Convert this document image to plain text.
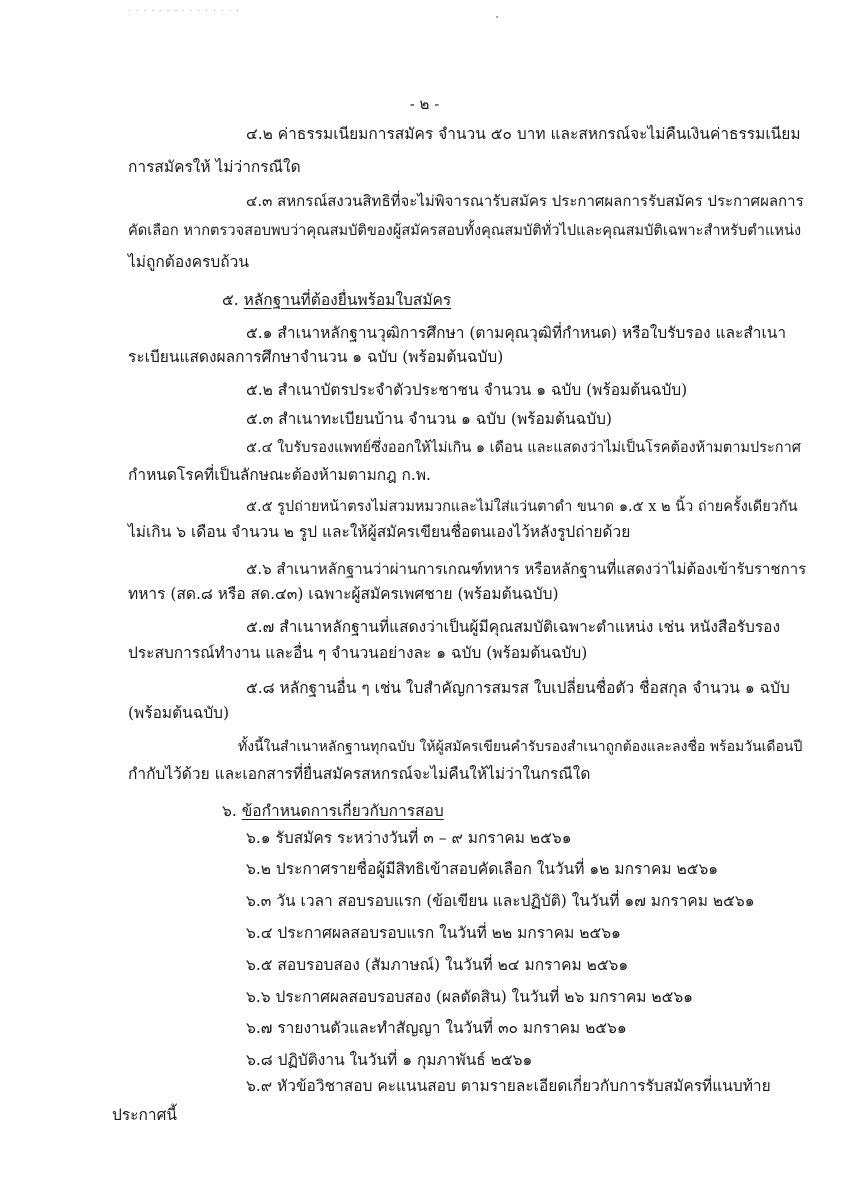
. . . . . . . . . . . . . . .
- ๒ -
๔.๒ ค่าธรรมเนียมการสมัคร จำนวน ๕๐ บาท และสหกรณ์จะไม่คืนเงินค่าธรรมเนียม
การสมัครให้ ไม่ว่ากรณีใด
๔.๓ สหกรณ์สงวนสิทธิที่จะไม่พิจารณารับสมัคร ประกาศผลการรับสมัคร ประกาศผลการ
คัดเลือก หากตรวจสอบพบว่าคุณสมบัติของผู้สมัครสอบทั้งคุณสมบัติทั่วไปและคุณสมบัติเฉพาะสำหรับตำแหน่ง
ไม่ถูกต้องครบถ้วน
๕. หลักฐานที่ต้องยื่นพร้อมใบสมัคร
๕.๑ สำเนาหลักฐานวุฒิการศึกษา (ตามคุณวุฒิที่กำหนด) หรือใบรับรอง และสำเนา
ระเบียนแสดงผลการศึกษาจำนวน ๑ ฉบับ (พร้อมต้นฉบับ)
๕.๒ สำเนาบัตรประจำตัวประชาชน จำนวน ๑ ฉบับ (พร้อมต้นฉบับ)
๕.๓ สำเนาทะเบียนบ้าน จำนวน ๑ ฉบับ (พร้อมต้นฉบับ)
๕.๔ ใบรับรองแพทย์ซึ่งออกให้ไม่เกิน ๑ เดือน และแสดงว่าไม่เป็นโรคต้องห้ามตามประกาศ
กำหนดโรคที่เป็นลักษณะต้องห้ามตามกฎ ก.พ.
๕.๕ รูปถ่ายหน้าตรงไม่สวมหมวกและไม่ใส่แว่นตาดำ ขนาด ๑.๕ x ๒ นิ้ว ถ่ายครั้งเดียวกัน
ไม่เกิน ๖ เดือน จำนวน ๒ รูป และให้ผู้สมัครเขียนชื่อตนเองไว้หลังรูปถ่ายด้วย
๕.๖ สำเนาหลักฐานว่าผ่านการเกณฑ์ทหาร หรือหลักฐานที่แสดงว่าไม่ต้องเข้ารับราชการ
ทหาร (สด.๘ หรือ สด.๔๓) เฉพาะผู้สมัครเพศชาย (พร้อมต้นฉบับ)
๕.๗ สำเนาหลักฐานที่แสดงว่าเป็นผู้มีคุณสมบัติเฉพาะตำแหน่ง เช่น หนังสือรับรอง
ประสบการณ์ทำงาน และอื่น ๆ จำนวนอย่างละ ๑ ฉบับ (พร้อมต้นฉบับ)
๕.๘ หลักฐานอื่น ๆ เช่น ใบสำคัญการสมรส ใบเปลี่ยนชื่อตัว ชื่อสกุล จำนวน ๑ ฉบับ
(พร้อมต้นฉบับ)
ทั้งนี้ในสำเนาหลักฐานทุกฉบับ ให้ผู้สมัครเขียนคำรับรองสำเนาถูกต้องและลงชื่อ พร้อมวันเดือนปี
กำกับไว้ด้วย และเอกสารที่ยื่นสมัครสหกรณ์จะไม่คืนให้ไม่ว่าในกรณีใด
๖. ข้อกำหนดการเกี่ยวกับการสอบ
๖.๑ รับสมัคร ระหว่างวันที่ ๓ – ๙ มกราคม ๒๕๖๑
๖.๒ ประกาศรายชื่อผู้มีสิทธิเข้าสอบคัดเลือก ในวันที่ ๑๒ มกราคม ๒๕๖๑
๖.๓ วัน เวลา สอบรอบแรก (ข้อเขียน และปฏิบัติ) ในวันที่ ๑๗ มกราคม ๒๕๖๑
๖.๔ ประกาศผลสอบรอบแรก ในวันที่ ๒๒ มกราคม ๒๕๖๑
๖.๕ สอบรอบสอง (สัมภาษณ์) ในวันที่ ๒๔ มกราคม ๒๕๖๑
๖.๖ ประกาศผลสอบรอบสอง (ผลตัดสิน) ในวันที่ ๒๖ มกราคม ๒๕๖๑
๖.๗ รายงานตัวและทำสัญญา ในวันที่ ๓๐ มกราคม ๒๕๖๑
๖.๘ ปฏิบัติงาน ในวันที่ ๑ กุมภาพันธ์ ๒๕๖๑
๖.๙ หัวข้อวิชาสอบ คะแนนสอบ ตามรายละเอียดเกี่ยวกับการรับสมัครที่แนบท้าย
ประกาศนี้
